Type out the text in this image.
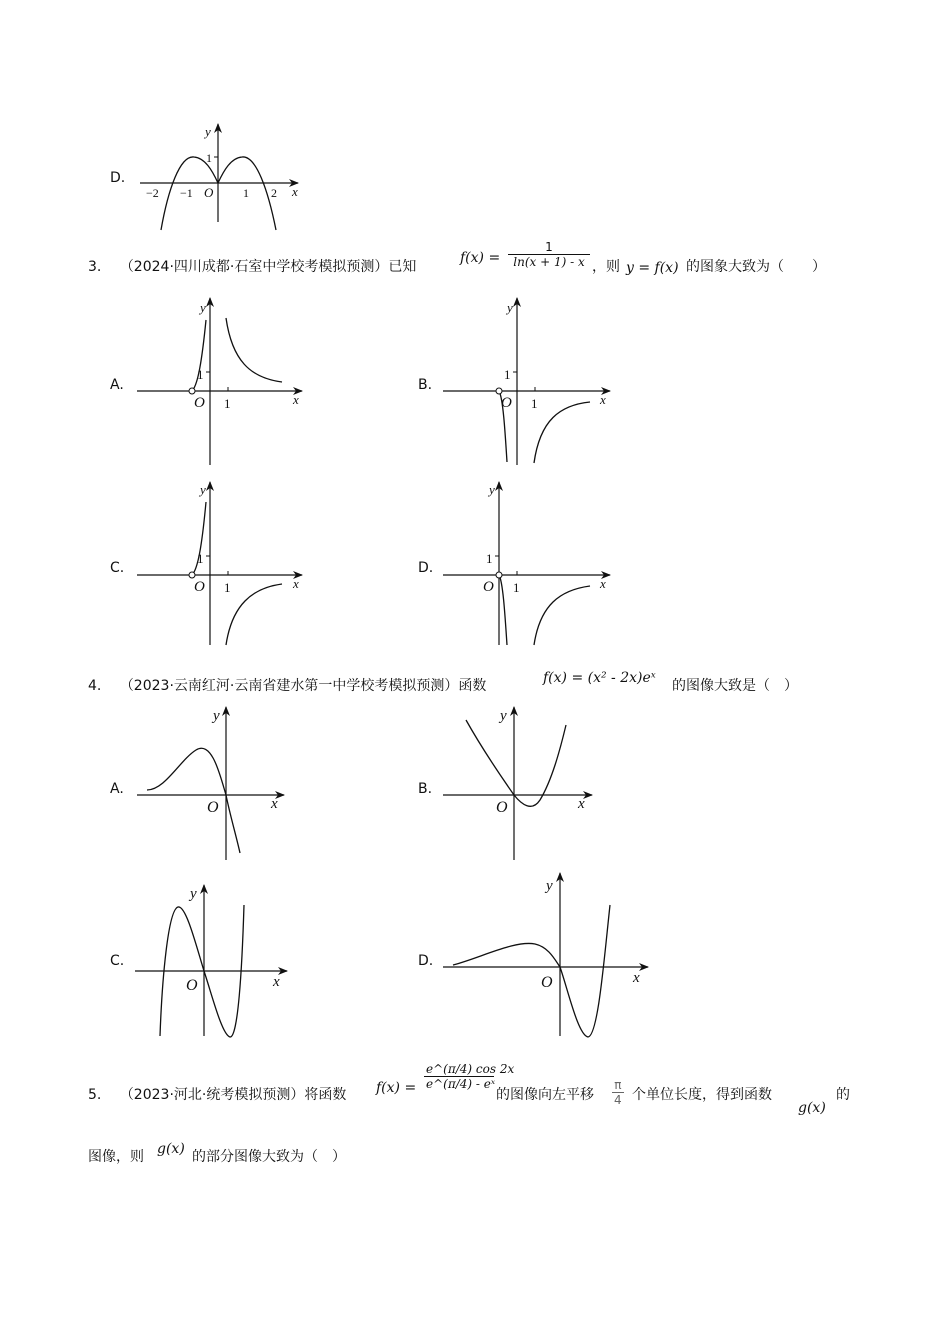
D.
y
x
O
1
−2 −1	1 2
3. （2024·四川成都·石室中学校考模拟预测）已知
$f(x) = \frac{1}{\ln(x + 1) - x}$ ，则 y = f(x) 的图象大致为（　　）
A.	B.
C.	D.
y
x
O
1
1
y
x
O
1
1
y
x
O
1
1
y
x
O
1
1
4. （2023·云南红河·云南省建水第一中学校考模拟预测）函数	f(x) = (x² - 2x)eˣ 的图像大致是（　）
A.	B.
C.	D.
y
x
O
y
x
O
y
x
O
y
x
O
5. （2023·河北·统考模拟预测）将函数 $f(x) = \frac{e\^{}(\pi/4) \cos 2x}{\text{e\textasciicircum{}(π/4) - eˣ}}$
的图像向左平移 $\frac{\pi}{4}$ 个单位长度，得到函数
g(x)
的
图像，则 g(x) 的部分图像大致为（　）
